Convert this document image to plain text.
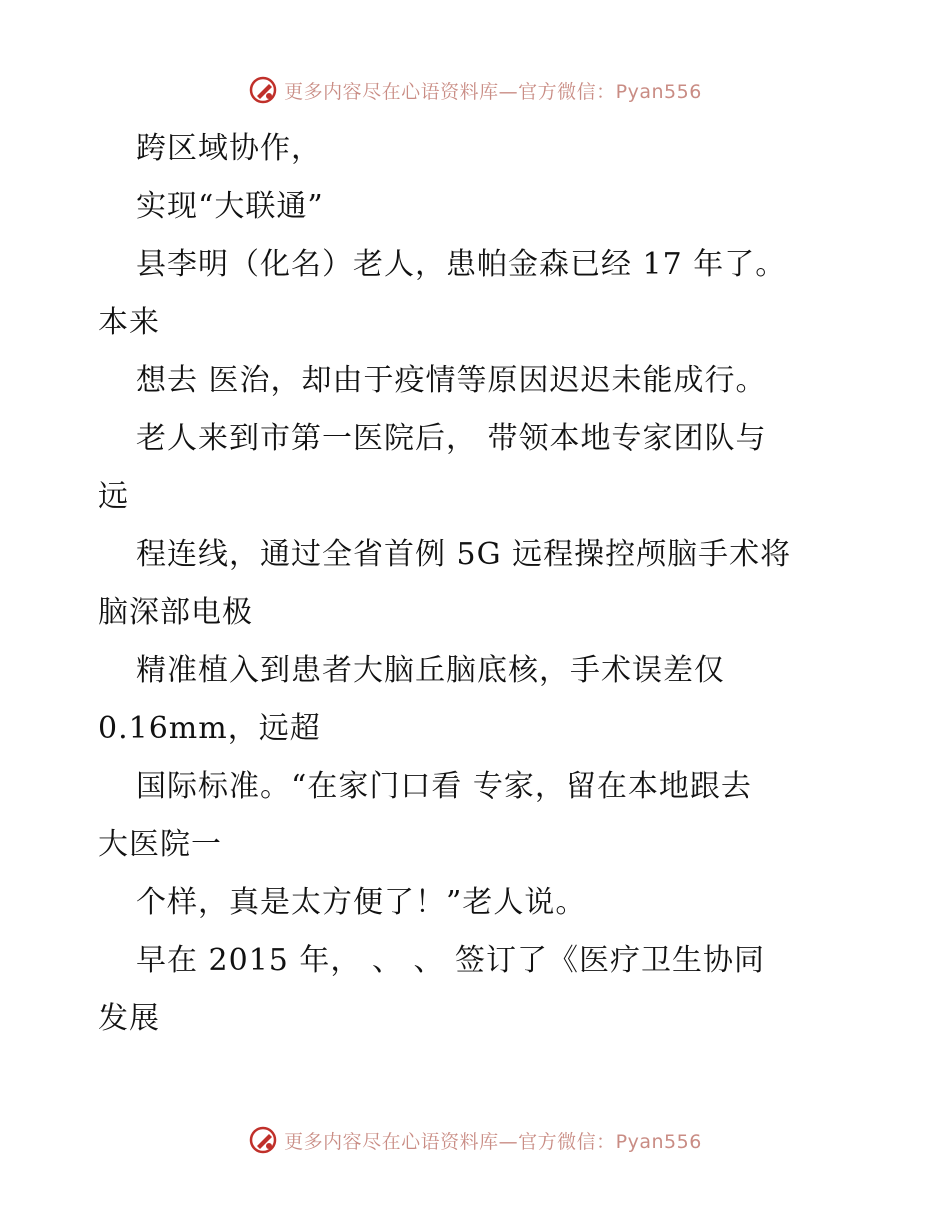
更多内容尽在心语资料库—官方微信：Pyan556
跨区域协作，
实现“大联通”
县李明（化名）老人，患帕金森已经 17 年了。
本来
想去 医治，却由于疫情等原因迟迟未能成行。
老人来到市第一医院后， 带领本地专家团队与
远
程连线，通过全省首例 5G 远程操控颅脑手术将
脑深部电极
精准植入到患者大脑丘脑底核，手术误差仅
0.16mm，远超
国际标准。“在家门口看 专家，留在本地跟去
大医院一
个样，真是太方便了！”老人说。
早在 2015 年， 、 、 签订了《医疗卫生协同
发展
更多内容尽在心语资料库—官方微信：Pyan556
